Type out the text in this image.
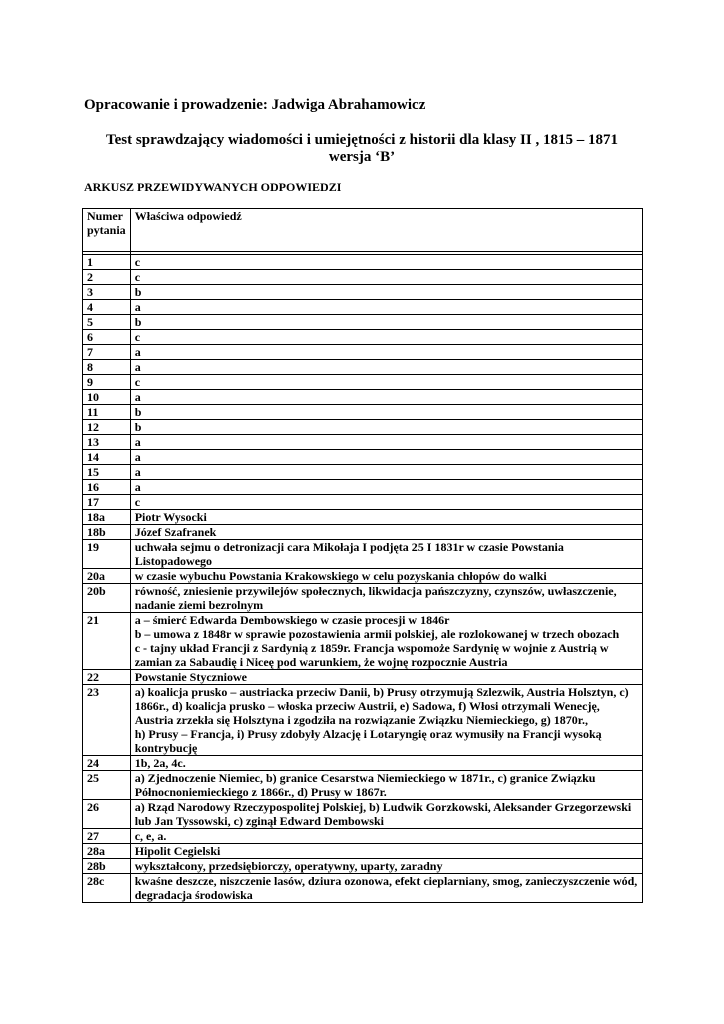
Opracowanie i prowadzenie: Jadwiga Abrahamowicz
Test sprawdzający wiadomości i umiejętności z historii dla klasy II , 1815 – 1871
wersja ‘B’
ARKUSZ PRZEWIDYWANYCH ODPOWIEDZI
Numer
pytania	Właściwa odpowiedź

1	c
2	c
3	b
4	a
5	b
6	c
7	a
8	a
9	c
10	a
11	b
12	b
13	a
14	a
15	a
16	a
17	c
18a	Piotr Wysocki
18b	Józef Szafranek
19	uchwała sejmu o detronizacji cara Mikołaja I podjęta 25 I 1831r w czasie Powstania Listopadowego
20a	w czasie wybuchu Powstania Krakowskiego w celu pozyskania chłopów do walki
20b	równość, zniesienie przywilejów społecznych, likwidacja pańszczyzny, czynszów, uwłaszczenie, nadanie ziemi bezrolnym
21	a – śmierć Edwarda Dembowskiego w czasie procesji w 1846r
b – umowa z 1848r w sprawie pozostawienia armii polskiej, ale rozlokowanej w trzech obozach
c - tajny układ Francji z Sardynią z 1859r. Francja wspomoże Sardynię w wojnie z Austrią w zamian za Sabaudię i Niceę pod warunkiem, że wojnę rozpocznie Austria

22	Powstanie Styczniowe
23	a) koalicja prusko – austriacka przeciw Danii, b) Prusy otrzymują Szlezwik, Austria Holsztyn, c) 1866r., d) koalicja prusko – włoska przeciw Austrii, e) Sadowa, f) Włosi otrzymali Wenecję, Austria zrzekła się Holsztyna i zgodziła na rozwiązanie Związku Niemieckiego, g) 1870r.,
h) Prusy – Francja, i) Prusy zdobyły Alzację i Lotaryngię oraz wymusiły na Francji wysoką kontrybucję

24	1b, 2a, 4c.
25	a) Zjednoczenie Niemiec, b) granice Cesarstwa Niemieckiego w 1871r., c) granice Związku Północnoniemieckiego z 1866r., d) Prusy w 1867r.
26	a) Rząd Narodowy Rzeczypospolitej Polskiej, b) Ludwik Gorzkowski, Aleksander Grzegorzewski lub Jan Tyssowski, c) zginął Edward Dembowski
27	c, e, a.
28a	Hipolit Cegielski
28b	wykształcony, przedsiębiorczy, operatywny, uparty, zaradny
28c	kwaśne deszcze, niszczenie lasów, dziura ozonowa, efekt cieplarniany, smog, zanieczyszczenie wód, degradacja środowiska
